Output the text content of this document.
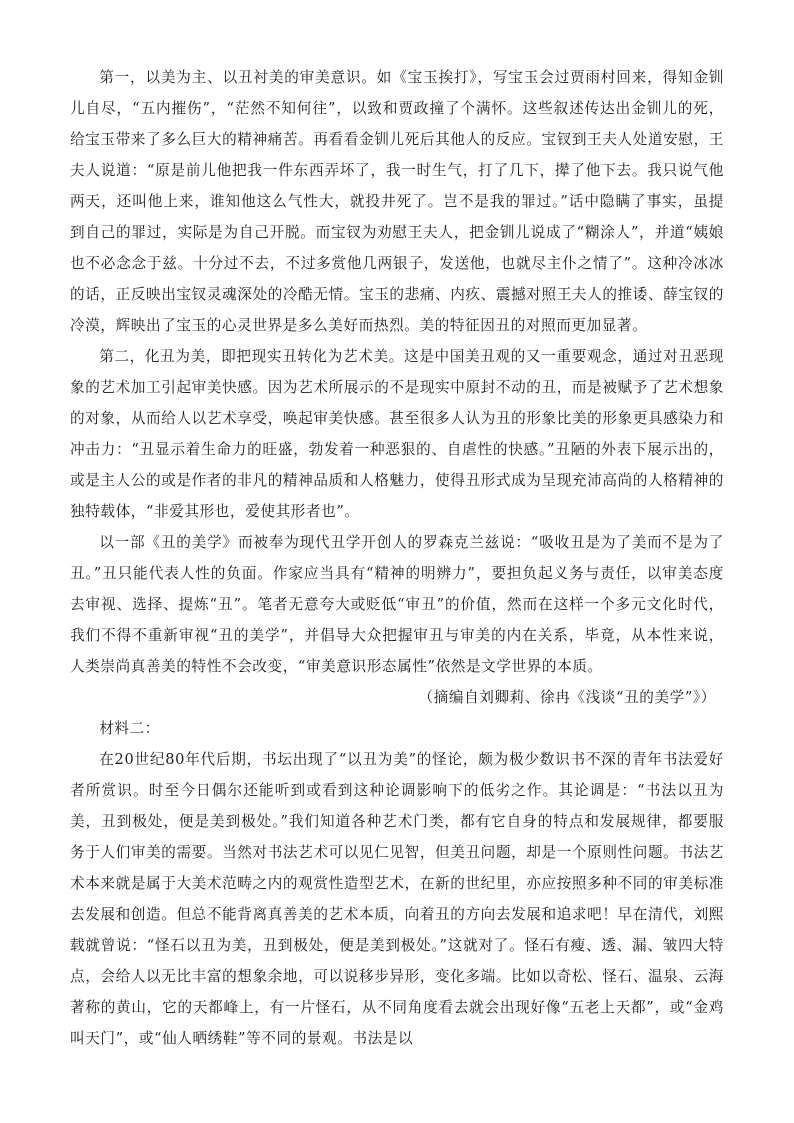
第一，以美为主、以丑衬美的审美意识。如《宝玉挨打》，写宝玉会过贾雨村回来，得知金钏儿自尽，“五内摧伤”，“茫然不知何往”，以致和贾政撞了个满怀。这些叙述传达出金钏儿的死，给宝玉带来了多么巨大的精神痛苦。再看看金钏儿死后其他人的反应。宝钗到王夫人处道安慰，王夫人说道：“原是前儿他把我一件东西弄坏了，我一时生气，打了几下，撵了他下去。我只说气他两天，还叫他上来，谁知他这么气性大，就投井死了。岂不是我的罪过。”话中隐瞒了事实，虽提到自己的罪过，实际是为自己开脱。而宝钗为劝慰王夫人，把金钏儿说成了“糊涂人”，并道“姨娘也不必念念于兹。十分过不去，不过多赏他几两银子，发送他，也就尽主仆之情了”。这种冷冰冰的话，正反映出宝钗灵魂深处的冷酷无情。宝玉的悲痛、内疚、震撼对照王夫人的推诿、薛宝钗的冷漠，辉映出了宝玉的心灵世界是多么美好而热烈。美的特征因丑的对照而更加显著。

第二，化丑为美，即把现实丑转化为艺术美。这是中国美丑观的又一重要观念，通过对丑恶现象的艺术加工引起审美快感。因为艺术所展示的不是现实中原封不动的丑，而是被赋予了艺术想象的对象，从而给人以艺术享受，唤起审美快感。甚至很多人认为丑的形象比美的形象更具感染力和冲击力：“丑显示着生命力的旺盛，勃发着一种恶狠的、自虐性的快感。”丑陋的外表下展示出的，或是主人公的或是作者的非凡的精神品质和人格魅力，使得丑形式成为呈现充沛高尚的人格精神的独特载体，“非爱其形也，爱使其形者也”。

以一部《丑的美学》而被奉为现代丑学开创人的罗森克兰兹说：“吸收丑是为了美而不是为了丑。”丑只能代表人性的负面。作家应当具有“精神的明辨力”，要担负起义务与责任，以审美态度去审视、选择、提炼“丑”。笔者无意夸大或贬低“审丑”的价值，然而在这样一个多元文化时代，我们不得不重新审视“丑的美学”，并倡导大众把握审丑与审美的内在关系，毕竟，从本性来说，人类崇尚真善美的特性不会改变，“审美意识形态属性”依然是文学世界的本质。

（摘编自刘卿莉、徐冉《浅谈“丑的美学”》）

材料二：

在20世纪80年代后期，书坛出现了“以丑为美”的怪论，颇为极少数识书不深的青年书法爱好者所赏识。时至今日偶尔还能听到或看到这种论调影响下的低劣之作。其论调是：“书法以丑为美，丑到极处，便是美到极处。”我们知道各种艺术门类，都有它自身的特点和发展规律，都要服务于人们审美的需要。当然对书法艺术可以见仁见智，但美丑问题，却是一个原则性问题。书法艺术本来就是属于大美术范畴之内的观赏性造型艺术，在新的世纪里，亦应按照多种不同的审美标准去发展和创造。但总不能背离真善美的艺术本质，向着丑的方向去发展和追求吧！早在清代，刘熙载就曾说：“怪石以丑为美，丑到极处，便是美到极处。”这就对了。怪石有瘦、透、漏、皱四大特点，会给人以无比丰富的想象余地，可以说移步异形，变化多端。比如以奇松、怪石、温泉、云海著称的黄山，它的天都峰上，有一片怪石，从不同角度看去就会出现好像“五老上天都”，或“金鸡叫天门”，或“仙人晒绣鞋”等不同的景观。书法是以
